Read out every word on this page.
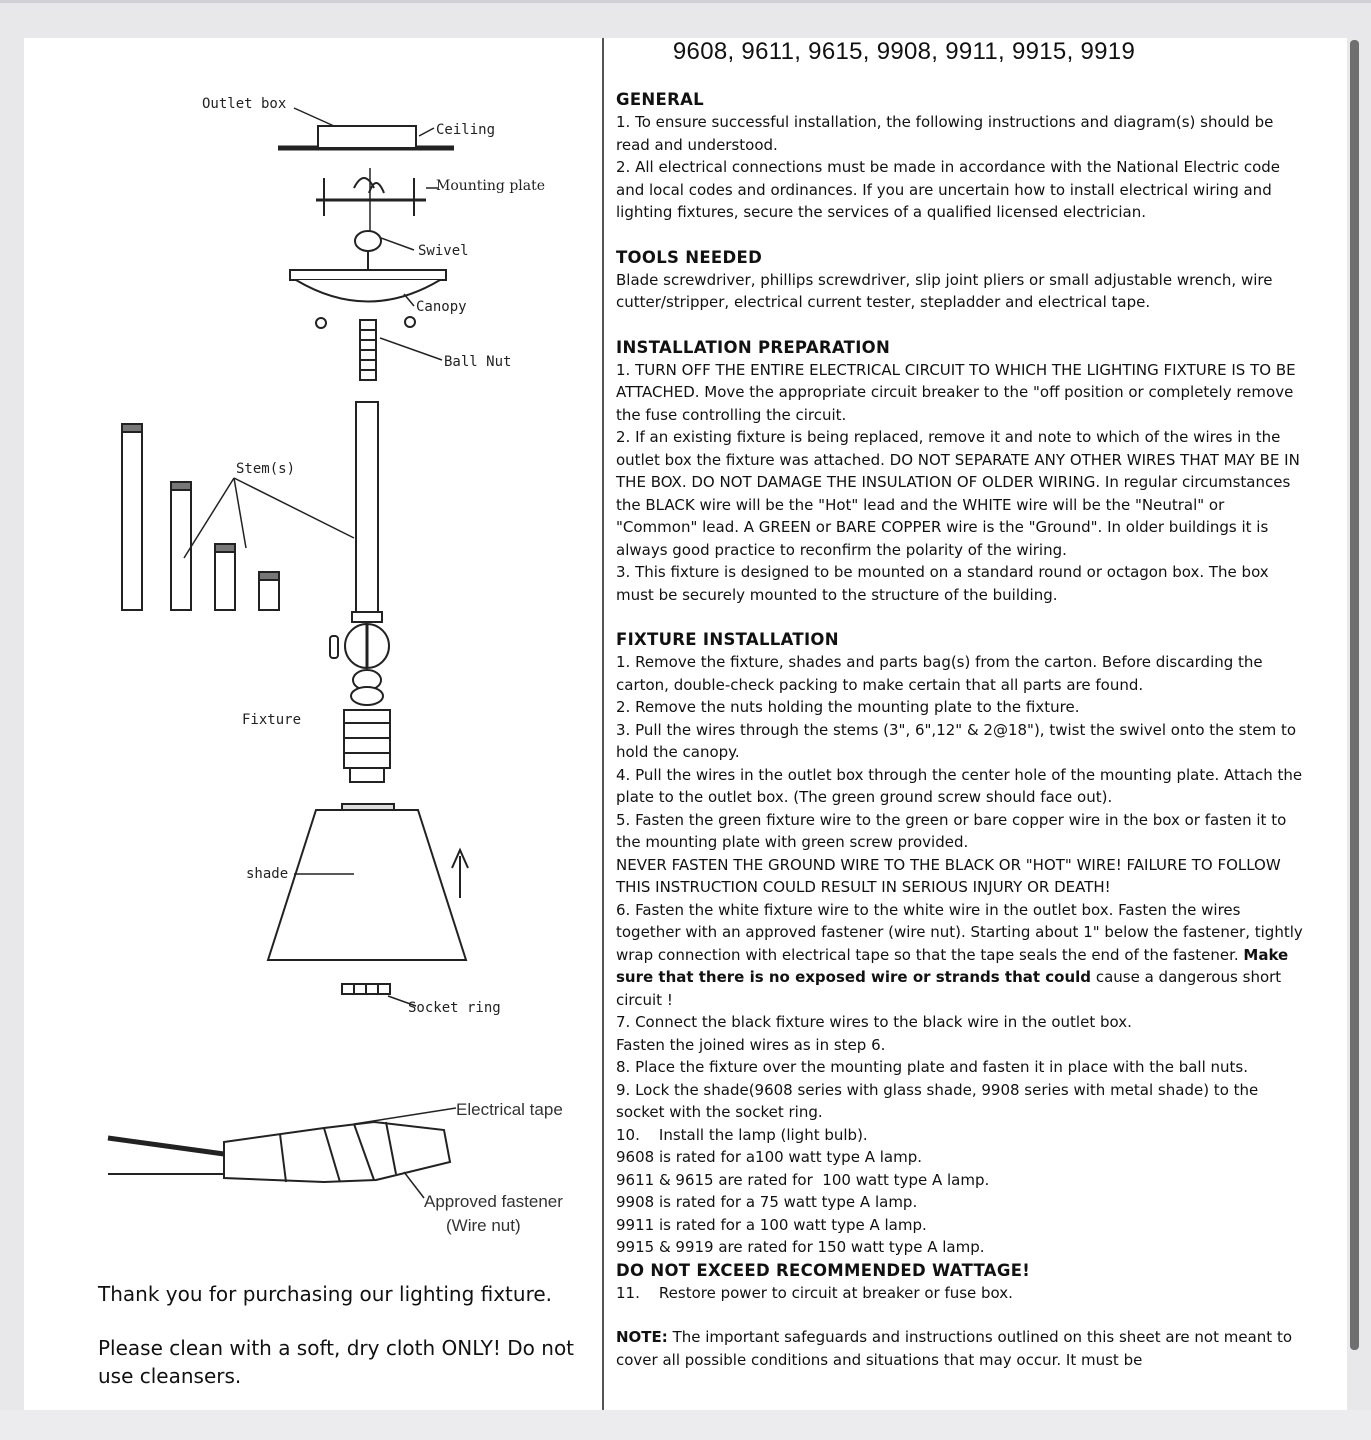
Outlet box
Ceiling
Mounting plate
Swivel
Canopy
Ball Nut
Stem(s)
Fixture
shade
Socket ring
Electrical tape
Approved fastener
(Wire nut)
Thank you for purchasing our lighting fixture.
Please clean with a soft, dry cloth ONLY! Do not use cleansers.
9608, 9611, 9615, 9908, 9911, 9915, 9919
GENERAL

1. To ensure successful installation, the following instructions and diagram(s) should be read and understood.

2. All electrical connections must be made in accordance with the National Electric code and local codes and ordinances. If you are uncertain how to install electrical wiring and lighting fixtures, secure the services of a qualified licensed electrician.

TOOLS NEEDED

Blade screwdriver, phillips screwdriver, slip joint pliers or small adjustable wrench, wire cutter/stripper, electrical current tester, stepladder and electrical tape.

INSTALLATION PREPARATION

1. TURN OFF THE ENTIRE ELECTRICAL CIRCUIT TO WHICH THE LIGHTING FIXTURE IS TO BE ATTACHED. Move the appropriate circuit breaker to the "off position or completely remove the fuse controlling the circuit.

2. If an existing fixture is being replaced, remove it and note to which of the wires in the outlet box the fixture was attached. DO NOT SEPARATE ANY OTHER WIRES THAT MAY BE IN THE BOX. DO NOT DAMAGE THE INSULATION OF OLDER WIRING. In regular circumstances the BLACK wire will be the "Hot" lead and the WHITE wire will be the "Neutral" or "Common" lead. A GREEN or BARE COPPER wire is the "Ground". In older buildings it is always good practice to reconfirm the polarity of the wiring.

3. This fixture is designed to be mounted on a standard round or octagon box. The box must be securely mounted to the structure of the building.

FIXTURE INSTALLATION

1. Remove the fixture, shades and parts bag(s) from the carton. Before discarding the carton, double-check packing to make certain that all parts are found.

2. Remove the nuts holding the mounting plate to the fixture.

3. Pull the wires through the stems (3", 6",12" & 2@18"), twist the swivel onto the stem to hold the canopy.

4. Pull the wires in the outlet box through the center hole of the mounting plate. Attach the plate to the outlet box. (The green ground screw should face out).

5. Fasten the green fixture wire to the green or bare copper wire in the box or fasten it to the mounting plate with green screw provided.

NEVER FASTEN THE GROUND WIRE TO THE BLACK OR "HOT" WIRE! FAILURE TO FOLLOW THIS INSTRUCTION COULD RESULT IN SERIOUS INJURY OR DEATH!

6. Fasten the white fixture wire to the white wire in the outlet box. Fasten the wires together with an approved fastener (wire nut). Starting about 1" below the fastener, tightly wrap connection with electrical tape so that the tape seals the end of the fastener. Make sure that there is no exposed wire or strands that could cause a dangerous short circuit !

7. Connect the black fixture wires to the black wire in the outlet box.

Fasten the joined wires as in step 6.

8. Place the fixture over the mounting plate and fasten it in place with the ball nuts.

9. Lock the shade(9608 series with glass shade, 9908 series with metal shade) to the socket with the socket ring.

10.    Install the lamp (light bulb).

9608 is rated for a100 watt type A lamp.

9611 & 9615 are rated for  100 watt type A lamp.

9908 is rated for a 75 watt type A lamp.

9911 is rated for a 100 watt type A lamp.

9915 & 9919 are rated for 150 watt type A lamp.

DO NOT EXCEED RECOMMENDED WATTAGE!

11.    Restore power to circuit at breaker or fuse box.

NOTE: The important safeguards and instructions outlined on this sheet are not meant to cover all possible conditions and situations that may occur. It must be
